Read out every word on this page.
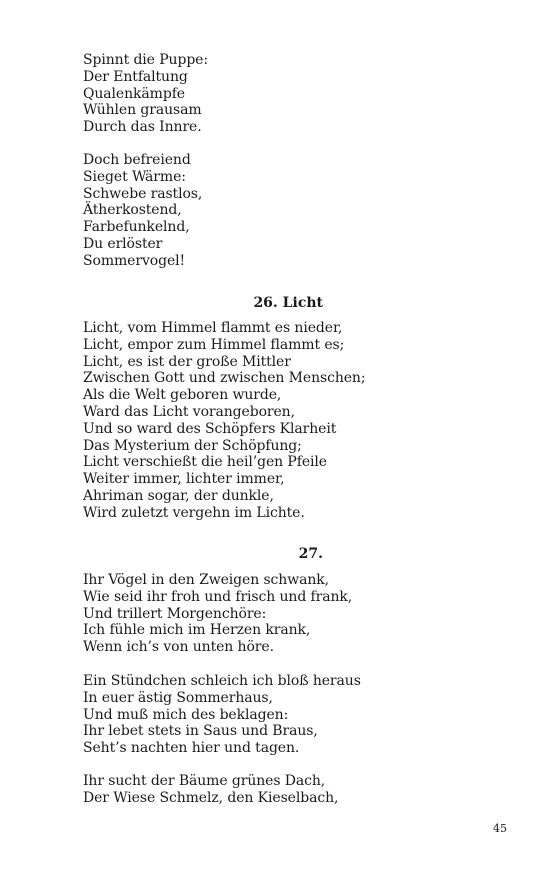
Spinnt die Puppe:
Der Entfaltung
Qualenkämpfe
Wühlen grausam
Durch das Innre.
Doch befreiend
Sieget Wärme:
Schwebe rastlos,
Ätherkostend,
Farbefunkelnd,
Du erlöster
Sommervogel!
26. Licht
Licht, vom Himmel flammt es nieder,
Licht, empor zum Himmel flammt es;
Licht, es ist der große Mittler
Zwischen Gott und zwischen Menschen;
Als die Welt geboren wurde,
Ward das Licht vorangeboren,
Und so ward des Schöpfers Klarheit
Das Mysterium der Schöpfung;
Licht verschießt die heil’gen Pfeile
Weiter immer, lichter immer,
Ahriman sogar, der dunkle,
Wird zuletzt vergehn im Lichte.
27.
Ihr Vögel in den Zweigen schwank,
Wie seid ihr froh und frisch und frank,
Und trillert Morgenchöre:
Ich fühle mich im Herzen krank,
Wenn ich’s von unten höre.
Ein Stündchen schleich ich bloß heraus
In euer ästig Sommerhaus,
Und muß mich des beklagen:
Ihr lebet stets in Saus und Braus,
Seht’s nachten hier und tagen.
Ihr sucht der Bäume grünes Dach,
Der Wiese Schmelz, den Kieselbach,
45
